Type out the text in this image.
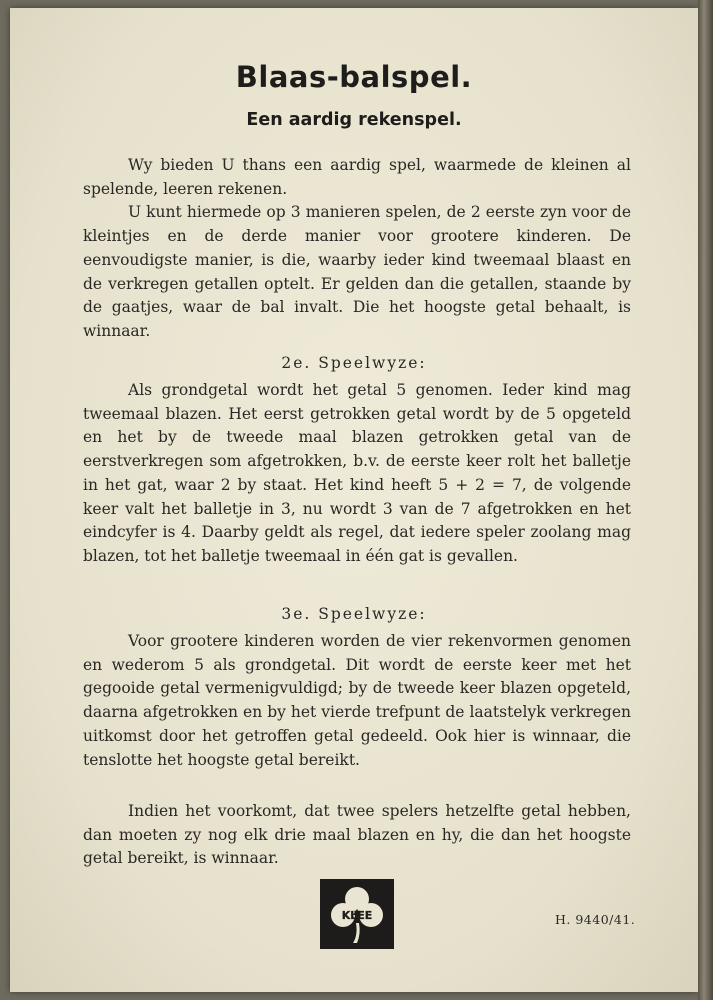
Blaas-balspel.
Een aardig rekenspel.

Wy bieden U thans een aardig spel, waarmede de kleinen al spelende, leeren rekenen.

U kunt hiermede op 3 manieren spelen, de 2 eerste zyn voor de kleintjes en de derde manier voor grootere kinderen. De eenvoudigste manier, is die, waarby ieder kind tweemaal blaast en de verkregen getallen optelt. Er gelden dan die getallen, staande by de gaatjes, waar de bal invalt. Die het hoogste getal behaalt, is winnaar.

2e. Speelwyze:

Als grondgetal wordt het getal 5 genomen. Ieder kind mag tweemaal blazen. Het eerst getrokken getal wordt by de 5 opgeteld en het by de tweede maal blazen getrokken getal van de eerstverkregen som afgetrokken, b.v. de eerste keer rolt het balletje in het gat, waar 2 by staat. Het kind heeft 5 + 2 = 7, de volgende keer valt het balletje in 3, nu wordt 3 van de 7 afgetrokken en het eindcyfer is 4. Daarby geldt als regel, dat iedere speler zoolang mag blazen, tot het balletje tweemaal in één gat is gevallen.

3e. Speelwyze:

Voor grootere kinderen worden de vier rekenvormen genomen en wederom 5 als grondgetal. Dit wordt de eerste keer met het gegooide getal vermenigvuldigd; by de tweede keer blazen opgeteld, daarna afgetrokken en by het vierde trefpunt de laatstelyk verkregen uitkomst door het getroffen getal gedeeld. Ook hier is winnaar, die tenslotte het hoogste getal bereikt.

Indien het voorkomt, dat twee spelers hetzelfte getal hebben, dan moeten zy nog elk drie maal blazen en hy, die dan het hoogste getal bereikt, is winnaar.

KLEE	H. 9440/41.
